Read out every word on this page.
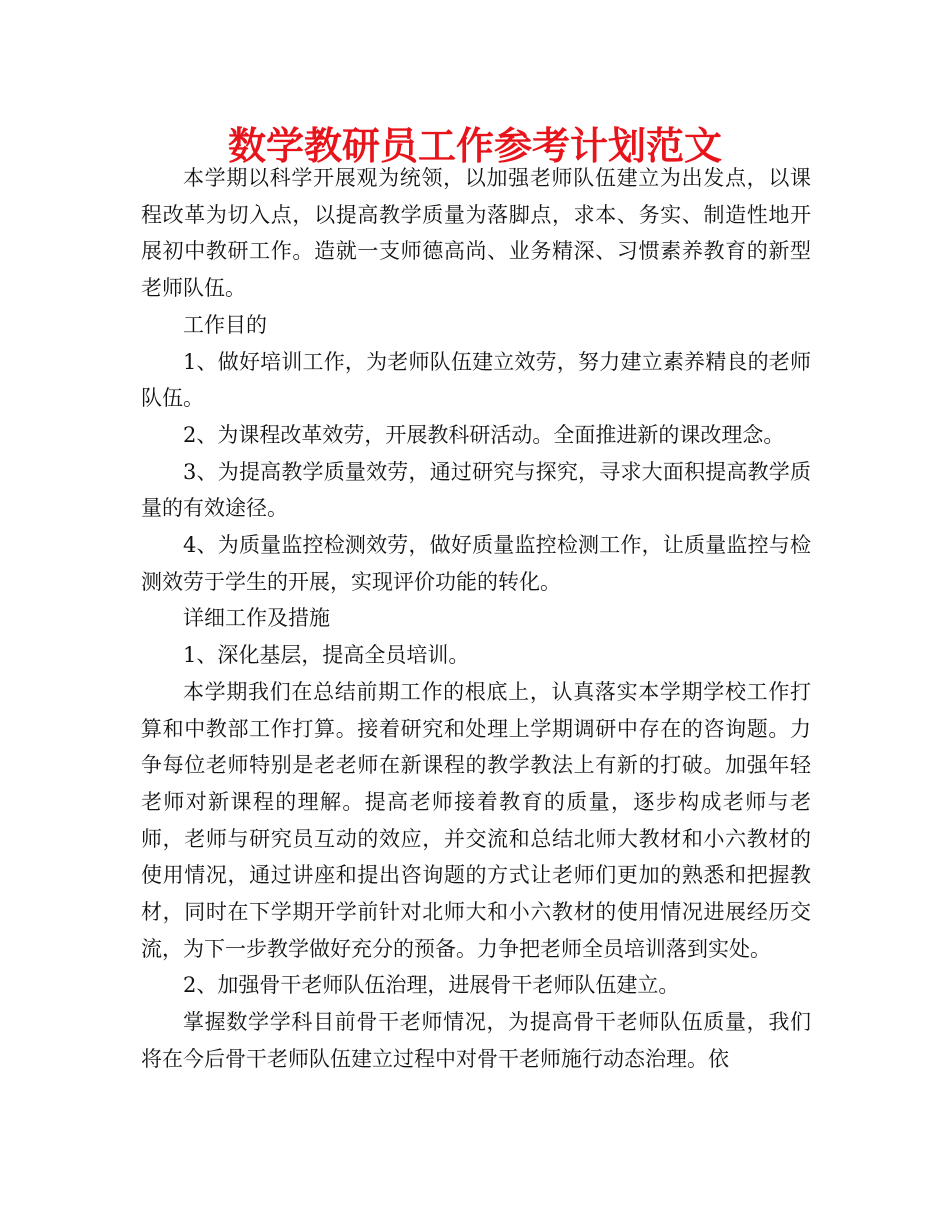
数学教研员工作参考计划范文

本学期以科学开展观为统领，以加强老师队伍建立为出发点，以课程改革为切入点，以提高教学质量为落脚点，求本、务实、制造性地开展初中教研工作。造就一支师德高尚、业务精深、习惯素养教育的新型老师队伍。

工作目的

1、做好培训工作，为老师队伍建立效劳，努力建立素养精良的老师队伍。

2、为课程改革效劳，开展教科研活动。全面推进新的课改理念。

3、为提高教学质量效劳，通过研究与探究，寻求大面积提高教学质量的有效途径。

4、为质量监控检测效劳，做好质量监控检测工作，让质量监控与检测效劳于学生的开展，实现评价功能的转化。

详细工作及措施

1、深化基层，提高全员培训。

本学期我们在总结前期工作的根底上，认真落实本学期学校工作打算和中教部工作打算。接着研究和处理上学期调研中存在的咨询题。力争每位老师特别是老老师在新课程的教学教法上有新的打破。加强年轻老师对新课程的理解。提高老师接着教育的质量，逐步构成老师与老师，老师与研究员互动的效应，并交流和总结北师大教材和小六教材的使用情况，通过讲座和提出咨询题的方式让老师们更加的熟悉和把握教材，同时在下学期开学前针对北师大和小六教材的使用情况进展经历交流，为下一步教学做好充分的预备。力争把老师全员培训落到实处。

2、加强骨干老师队伍治理，进展骨干老师队伍建立。

掌握数学学科目前骨干老师情况，为提高骨干老师队伍质量，我们将在今后骨干老师队伍建立过程中对骨干老师施行动态治理。依
